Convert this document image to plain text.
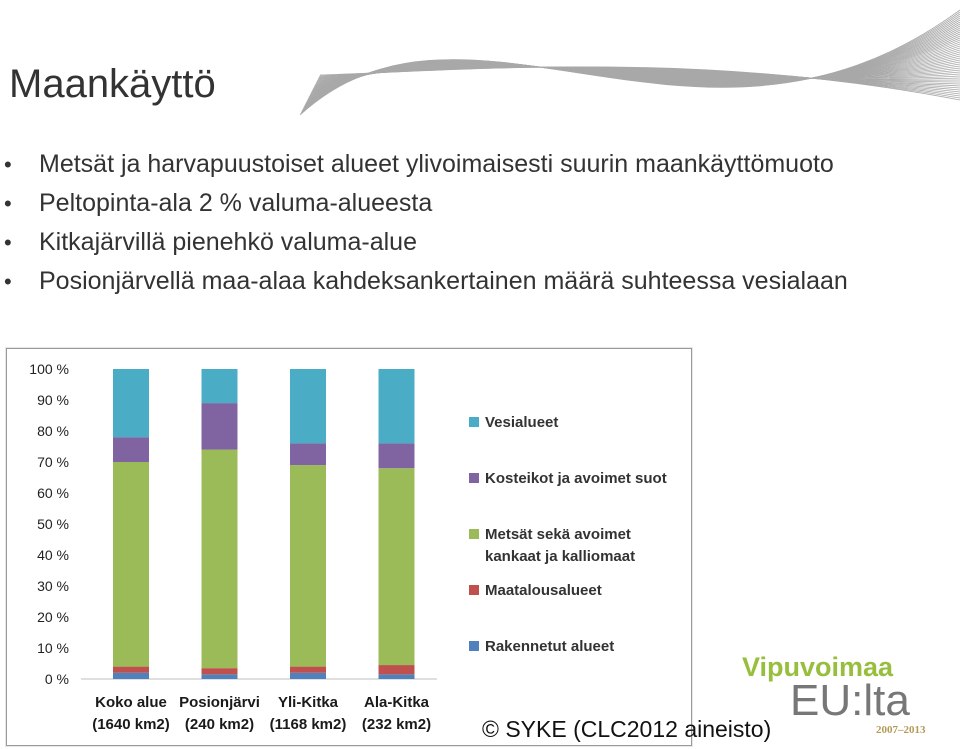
Maankäyttö
• Metsät ja harvapuustoiset alueet ylivoimaisesti suurin maankäyttömuoto
• Peltopinta-ala 2 % valuma-alueesta
• Kitkajärvillä pienehkö valuma-alue
• Posionjärvellä maa-alaa kahdeksankertainen määrä suhteessa vesialaan
0 %
10 %
20 %
30 %
40 %
50 %
60 %
70 %
80 %
90 %
100 %
Koko alue
(1640 km2)
Posionjärvi
(240 km2)
Yli-Kitka
(1168 km2)
Ala-Kitka
(232 km2)
Vesialueet
Kosteikot ja avoimet suot
Metsät sekä avoimet
kankaat ja kalliomaat
Maatalousalueet
Rakennetut alueet
Vipuvoimaa
EU:lta
2007–2013
© SYKE (CLC2012 aineisto)
